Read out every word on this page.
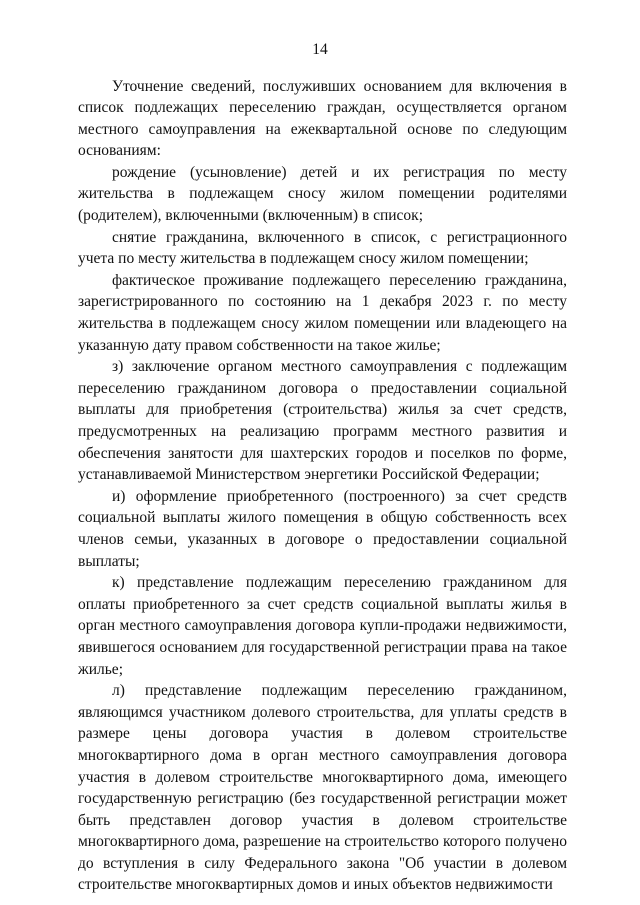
14

Уточнение сведений, послуживших основанием для включения в список подлежащих переселению граждан, осуществляется органом местного самоуправления на ежеквартальной основе по следующим основаниям:

рождение (усыновление) детей и их регистрация по месту жительства в подлежащем сносу жилом помещении родителями (родителем), включенными (включенным) в список;

снятие гражданина, включенного в список, с регистрационного учета по месту жительства в подлежащем сносу жилом помещении;

фактическое проживание подлежащего переселению гражданина, зарегистрированного по состоянию на 1 декабря 2023 г. по месту жительства в подлежащем сносу жилом помещении или владеющего на указанную дату правом собственности на такое жилье;

з) заключение органом местного самоуправления с подлежащим переселению гражданином договора о предоставлении социальной выплаты для приобретения (строительства) жилья за счет средств, предусмотренных на реализацию программ местного развития и обеспечения занятости для шахтерских городов и поселков по форме, устанавливаемой Министерством энергетики Российской Федерации;

и) оформление приобретенного (построенного) за счет средств социальной выплаты жилого помещения в общую собственность всех членов семьи, указанных в договоре о предоставлении социальной выплаты;

к) представление подлежащим переселению гражданином для оплаты приобретенного за счет средств социальной выплаты жилья в орган местного самоуправления договора купли-продажи недвижимости, явившегося основанием для государственной регистрации права на такое жилье;

л) представление подлежащим переселению гражданином, являющимся участником долевого строительства, для уплаты средств в размере цены договора участия в долевом строительстве многоквартирного дома в орган местного самоуправления договора участия в долевом строительстве многоквартирного дома, имеющего государственную регистрацию (без государственной регистрации может быть представлен договор участия в долевом строительстве многоквартирного дома, разрешение на строительство которого получено до вступления в силу Федерального закона "Об участии в долевом строительстве многоквартирных домов и иных объектов недвижимости
